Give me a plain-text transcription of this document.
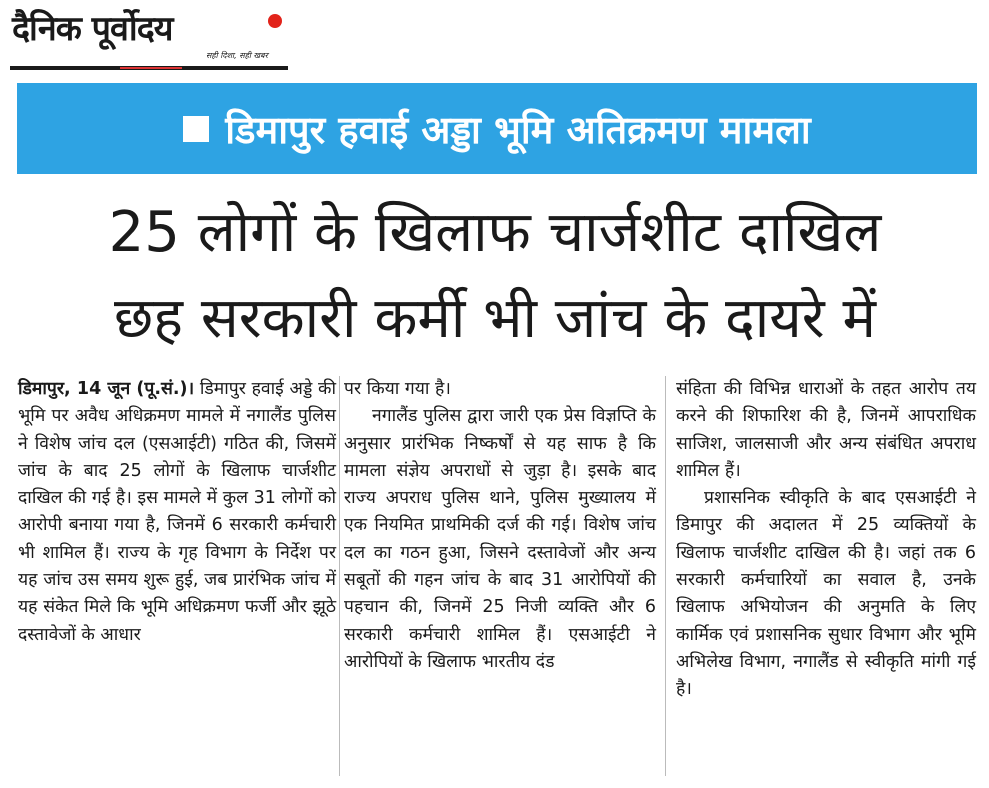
दैनिक पूर्वोदय
सही दिशा, सही खबर
डिमापुर हवाई अड्डा भूमि अतिक्रमण मामला
25 लोगों के खिलाफ चार्जशीट दाखिल
छह सरकारी कर्मी भी जांच के दायरे में

डिमापुर, 14 जून (पू.सं.)। डिमापुर हवाई अड्डे की भूमि पर अवैध अधिक्रमण मामले में नगालैंड पुलिस ने विशेष जांच दल (एसआईटी) गठित की, जिसमें जांच के बाद 25 लोगों के खिलाफ चार्जशीट दाखिल की गई है। इस मामले में कुल 31 लोगों को आरोपी बनाया गया है, जिनमें 6 सरकारी कर्मचारी भी शामिल हैं। राज्य के गृह विभाग के निर्देश पर यह जांच उस समय शुरू हुई, जब प्रारंभिक जांच में यह संकेत मिले कि भूमि अधिक्रमण फर्जी और झूठे दस्तावेजों के आधार

पर किया गया है।

नगालैंड पुलिस द्वारा जारी एक प्रेस विज्ञप्ति के अनुसार प्रारंभिक निष्कर्षों से यह साफ है कि मामला संज्ञेय अपराधों से जुड़ा है। इसके बाद राज्य अपराध पुलिस थाने, पुलिस मुख्यालय में एक नियमित प्राथमिकी दर्ज की गई। विशेष जांच दल का गठन हुआ, जिसने दस्तावेजों और अन्य सबूतों की गहन जांच के बाद 31 आरोपियों की पहचान की, जिनमें 25 निजी व्यक्ति और 6 सरकारी कर्मचारी शामिल हैं। एसआईटी ने आरोपियों के खिलाफ भारतीय दंड

संहिता की विभिन्न धाराओं के तहत आरोप तय करने की शिफारिश की है, जिनमें आपराधिक साजिश, जालसाजी और अन्य संबंधित अपराध शामिल हैं।

प्रशासनिक स्वीकृति के बाद एसआईटी ने डिमापुर की अदालत में 25 व्यक्तियों के खिलाफ चार्जशीट दाखिल की है। जहां तक 6 सरकारी कर्मचारियों का सवाल है, उनके खिलाफ अभियोजन की अनुमति के लिए कार्मिक एवं प्रशासनिक सुधार विभाग और भूमि अभिलेख विभाग, नगालैंड से स्वीकृति मांगी गई है।
